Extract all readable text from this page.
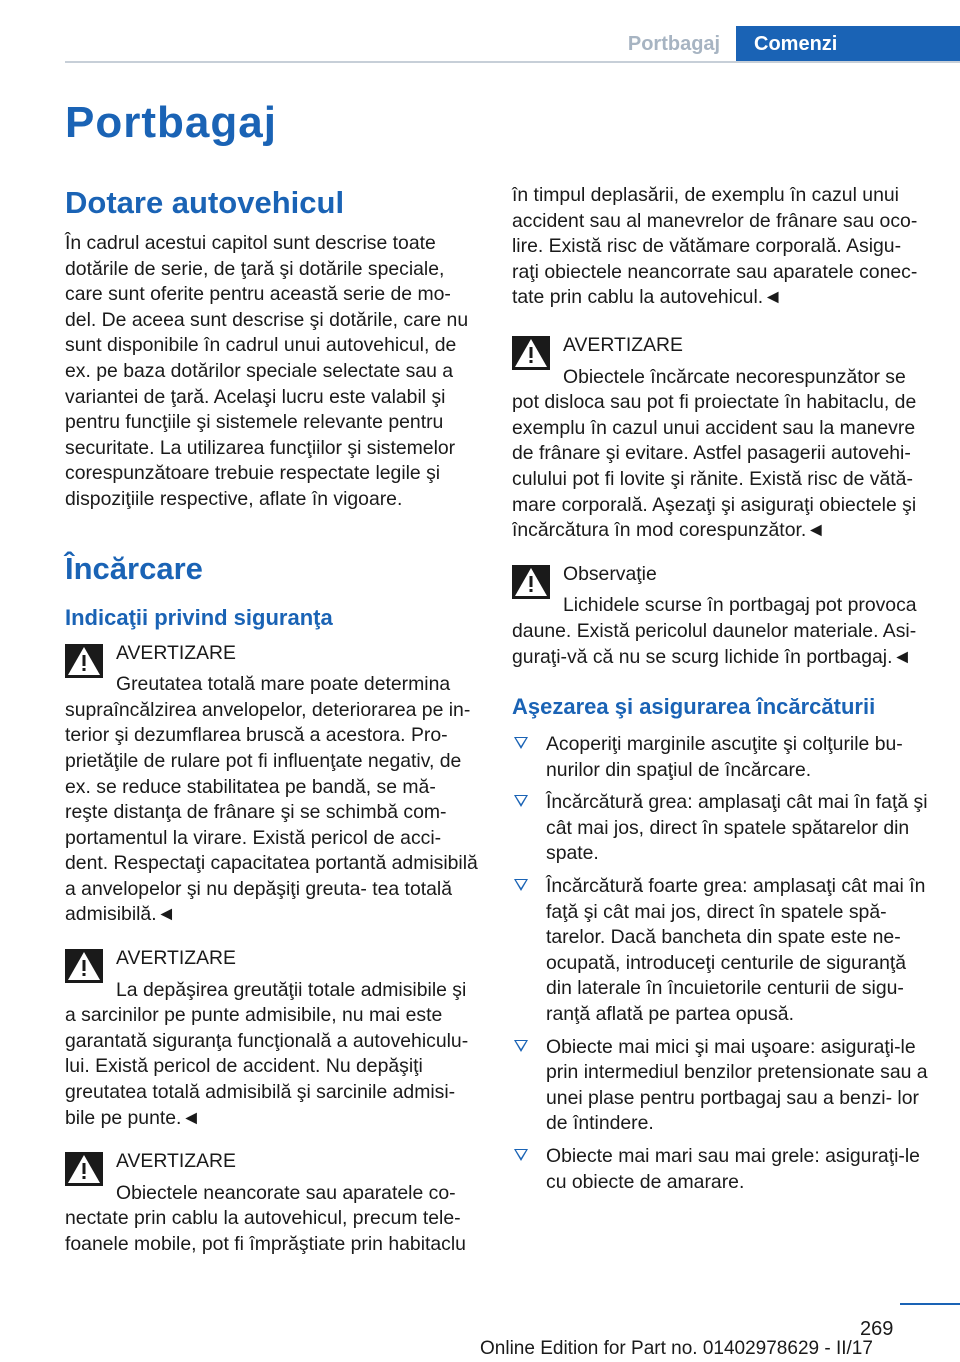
Portbagaj	Comenzi
Portbagaj
Dotare autovehicul

În cadrul acestui capitol sunt descrise toate dotările de serie, de ţară şi dotările speciale, care sunt oferite pentru această serie de mo‐ del. De aceea sunt descrise şi dotările, care nu sunt disponibile în cadrul unui autovehicul, de ex. pe baza dotărilor speciale selectate sau a variantei de ţară. Acelaşi lucru este valabil şi pentru funcţiile şi sistemele relevante pentru securitate. La utilizarea funcţiilor şi sistemelor corespunzătoare trebuie respectate legile şi dispoziţiile respective, aflate în vigoare.

Încărcare
Indicaţii privind siguranţa
AVERTIZARE
Greutatea totală mare poate determina supraîncălzirea anvelopelor, deteriorarea pe in‐ terior şi dezumflarea bruscă a acestora. Pro‐ prietăţile de rulare pot fi influenţate negativ, de ex. se reduce stabilitatea pe bandă, se mă‐ reşte distanţa de frânare şi se schimbă com‐ portamentul la virare. Există pericol de acci‐ dent. Respectaţi capacitatea portantă admisibilă a anvelopelor şi nu depăşiţi greuta‐ tea totală admisibilă.◄
AVERTIZARE
La depăşirea greutăţii totale admisibile şi a sarcinilor pe punte admisibile, nu mai este garantată siguranţa funcţională a autovehiculu‐ lui. Există pericol de accident. Nu depăşiţi greutatea totală admisibilă şi sarcinile admisi‐ bile pe punte.◄
AVERTIZARE
Obiectele neancorate sau aparatele co‐ nectate prin cablu la autovehicul, precum tele‐ foanele mobile, pot fi împrăştiate prin habitaclu

în timpul deplasării, de exemplu în cazul unui accident sau al manevrelor de frânare sau oco‐ lire. Există risc de vătămare corporală. Asigu‐ raţi obiectele neancorrate sau aparatele conec‐ tate prin cablu la autovehicul.◄

AVERTIZARE
Obiectele încărcate necorespunzător se pot disloca sau pot fi proiectate în habitaclu, de exemplu în cazul unui accident sau la manevre de frânare şi evitare. Astfel pasagerii autovehi‐ culului pot fi lovite şi rănite. Există risc de vătă‐ mare corporală. Aşezaţi şi asiguraţi obiectele şi încărcătura în mod corespunzător.◄
Observaţie
Lichidele scurse în portbagaj pot provoca daune. Există pericolul daunelor materiale. Asi‐ guraţi-vă că nu se scurg lichide în portbagaj.◄
Aşezarea şi asigurarea încărcăturii
Acoperiţi marginile ascuţite şi colţurile bu‐ nurilor din spaţiul de încărcare.
Încărcătură grea: amplasaţi cât mai în faţă şi cât mai jos, direct în spatele spătarelor din spate.
Încărcătură foarte grea: amplasaţi cât mai în faţă şi cât mai jos, direct în spatele spă‐ tarelor. Dacă bancheta din spate este ne‐ ocupată, introduceţi centurile de siguranţă din laterale în încuietorile centurii de sigu‐ ranţă aflată pe partea opusă.
Obiecte mai mici şi mai uşoare: asiguraţi-le prin intermediul benzilor pretensionate sau a unei plase pentru portbagaj sau a benzi‐ lor de întindere.
Obiecte mai mari sau mai grele: asiguraţi-le cu obiecte de amarare.
269
Online Edition for Part no. 01402978629 - II/17
